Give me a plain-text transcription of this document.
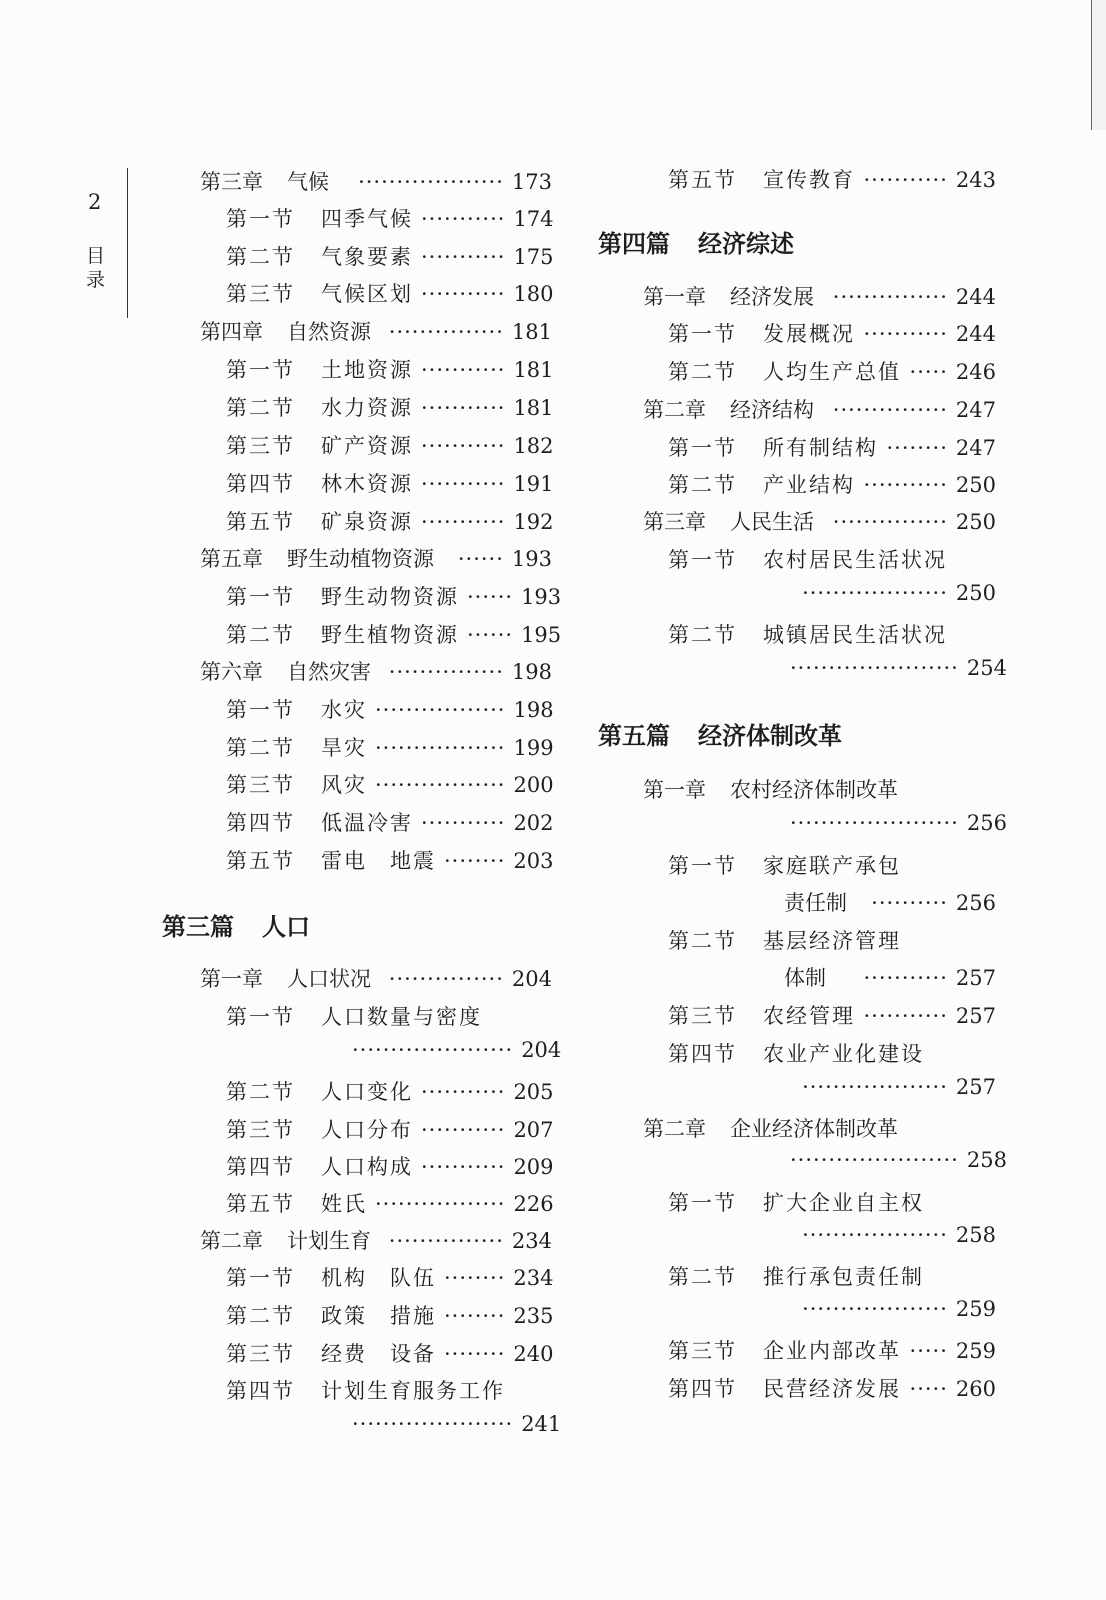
2
目录
第三章 气候 ··················· 173
第一节 四季气候 ··········· 174
第二节 气象要素 ··········· 175
第三节 气候区划 ··········· 180
第四章 自然资源 ··············· 181
第一节 土地资源 ··········· 181
第二节 水力资源 ··········· 181
第三节 矿产资源 ··········· 182
第四节 林木资源 ··········· 191
第五节 矿泉资源 ··········· 192
第五章 野生动植物资源 ······ 193
第一节 野生动物资源 ······ 193
第二节 野生植物资源 ······ 195
第六章 自然灾害 ··············· 198
第一节 水灾 ················· 198
第二节 旱灾 ················· 199
第三节 风灾 ················· 200
第四节 低温冷害 ··········· 202
第五节 雷电　地震 ········ 203
第三篇 人口
第一章 人口状况 ··············· 204
第一节 人口数量与密度
····················· 204
第二节 人口变化 ··········· 205
第三节 人口分布 ··········· 207
第四节 人口构成 ··········· 209
第五节 姓氏 ················· 226
第二章 计划生育 ··············· 234
第一节 机构　队伍 ········ 234
第二节 政策　措施 ········ 235
第三节 经费　设备 ········ 240
第四节 计划生育服务工作
····················· 241
第五节 宣传教育 ··········· 243
第四篇 经济综述
第一章 经济发展 ··············· 244
第一节 发展概况 ··········· 244
第二节 人均生产总值 ····· 246
第二章 经济结构 ··············· 247
第一节 所有制结构 ········ 247
第二节 产业结构 ··········· 250
第三章 人民生活 ··············· 250
第一节 农村居民生活状况
··················· 250
第二节 城镇居民生活状况
······················ 254
第五篇 经济体制改革
第一章 农村经济体制改革
······················ 256
第一节 家庭联产承包
责任制 ·········· 256
第二节 基层经济管理
体制 ··········· 257
第三节 农经管理 ··········· 257
第四节 农业产业化建设
··················· 257
第二章 企业经济体制改革
······················ 258
第一节 扩大企业自主权
··················· 258
第二节 推行承包责任制
··················· 259
第三节 企业内部改革 ····· 259
第四节 民营经济发展 ····· 260
